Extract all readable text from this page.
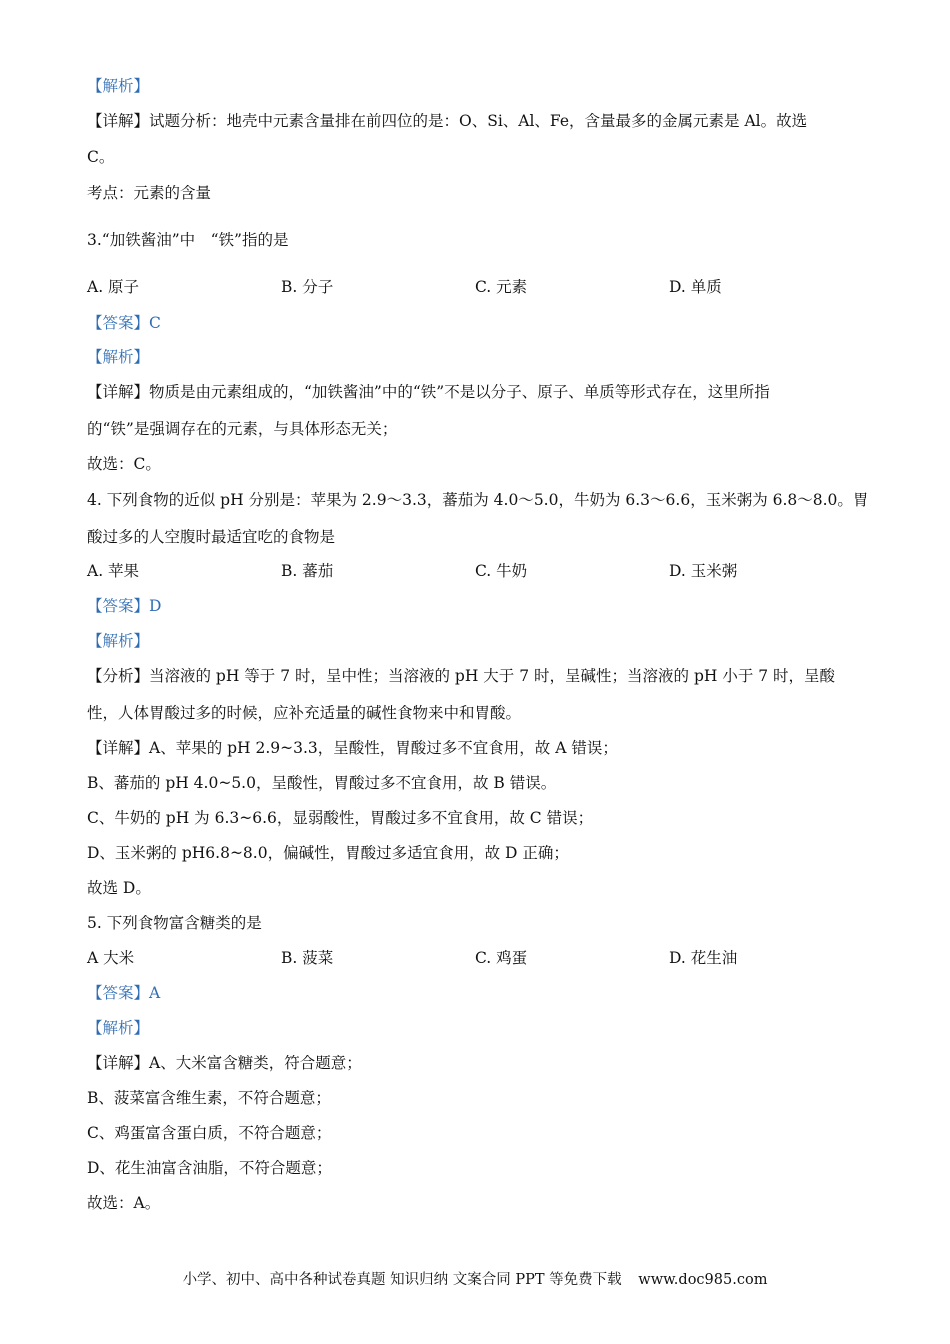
【解析】
【详解】试题分析：地壳中元素含量排在前四位的是：O、Si、Al、Fe，含量最多的金属元素是 Al。故选
C。
考点：元素的含量
3.“加铁酱油”中　“铁”指的是
A. 原子	B. 分子	C. 元素	D. 单质
【答案】C
【解析】
【详解】物质是由元素组成的，“加铁酱油”中的“铁”不是以分子、原子、单质等形式存在，这里所指
的“铁”是强调存在的元素，与具体形态无关；
故选：C。
4. 下列食物的近似 pH 分别是：苹果为 2.9～3.3，蕃茄为 4.0～5.0，牛奶为 6.3～6.6，玉米粥为 6.8～8.0。胃
酸过多的人空腹时最适宜吃的食物是
A. 苹果	B. 蕃茄	C. 牛奶	D. 玉米粥
【答案】D
【解析】
【分析】当溶液的 pH 等于 7 时，呈中性；当溶液的 pH 大于 7 时，呈碱性；当溶液的 pH 小于 7 时，呈酸
性，人体胃酸过多的时候，应补充适量的碱性食物来中和胃酸。
【详解】A、苹果的 pH 2.9~3.3，呈酸性，胃酸过多不宜食用，故 A 错误；
B、蕃茄的 pH 4.0~5.0，呈酸性，胃酸过多不宜食用，故 B 错误。
C、牛奶的 pH 为 6.3~6.6，显弱酸性，胃酸过多不宜食用，故 C 错误；
D、玉米粥的 pH6.8~8.0，偏碱性，胃酸过多适宜食用，故 D 正确；
故选 D。
5. 下列食物富含糖类的是
A 大米	B. 菠菜	C. 鸡蛋	D. 花生油
【答案】A
【解析】
【详解】A、大米富含糖类，符合题意；
B、菠菜富含维生素，不符合题意；
C、鸡蛋富含蛋白质，不符合题意；
D、花生油富含油脂，不符合题意；
故选：A。
小学、初中、高中各种试卷真题 知识归纳 文案合同 PPT 等免费下载 www.doc985.com
